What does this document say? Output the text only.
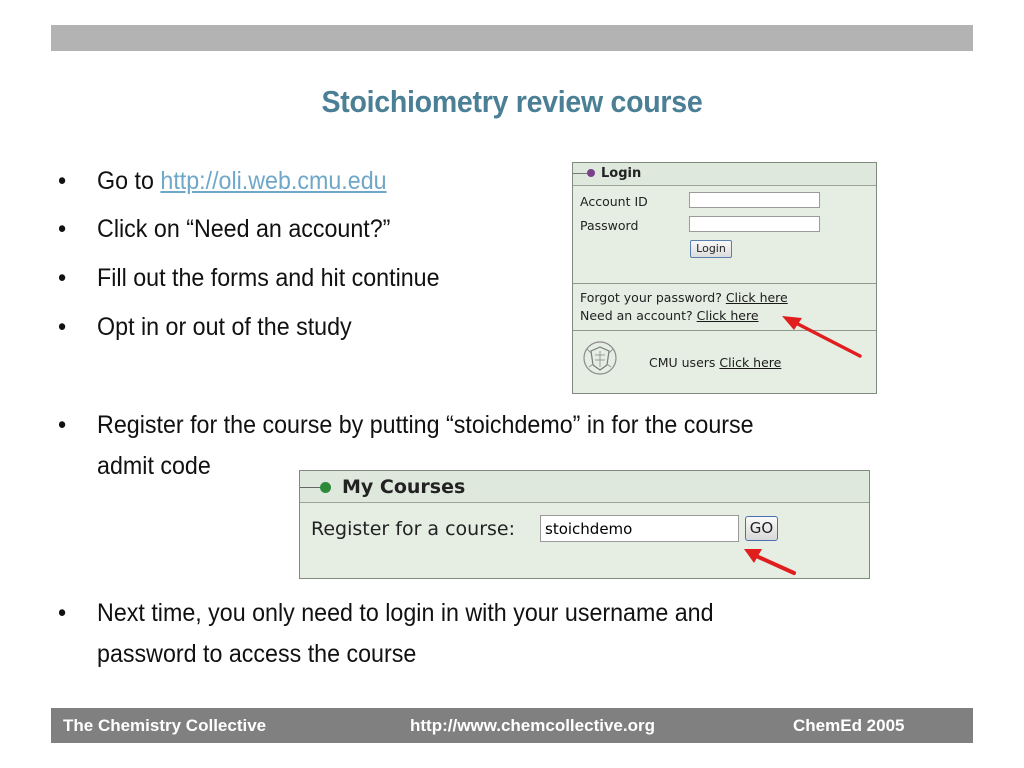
Stoichiometry review course
• Go to http://oli.web.cmu.edu
• Click on “Need an account?”
• Fill out the forms and hit continue
• Opt in or out of the study
• Register for the course by putting “stoichdemo” in for the course
admit code
• Next time, you only need to login in with your username and
password to access the course
Login
Account ID
Password
Login
Forgot your password? Click here
Need an account? Click here
CMU users Click here
My Courses
Register for a course:
stoichdemo	GO
The Chemistry Collective	http://www.chemcollective.org	ChemEd 2005
